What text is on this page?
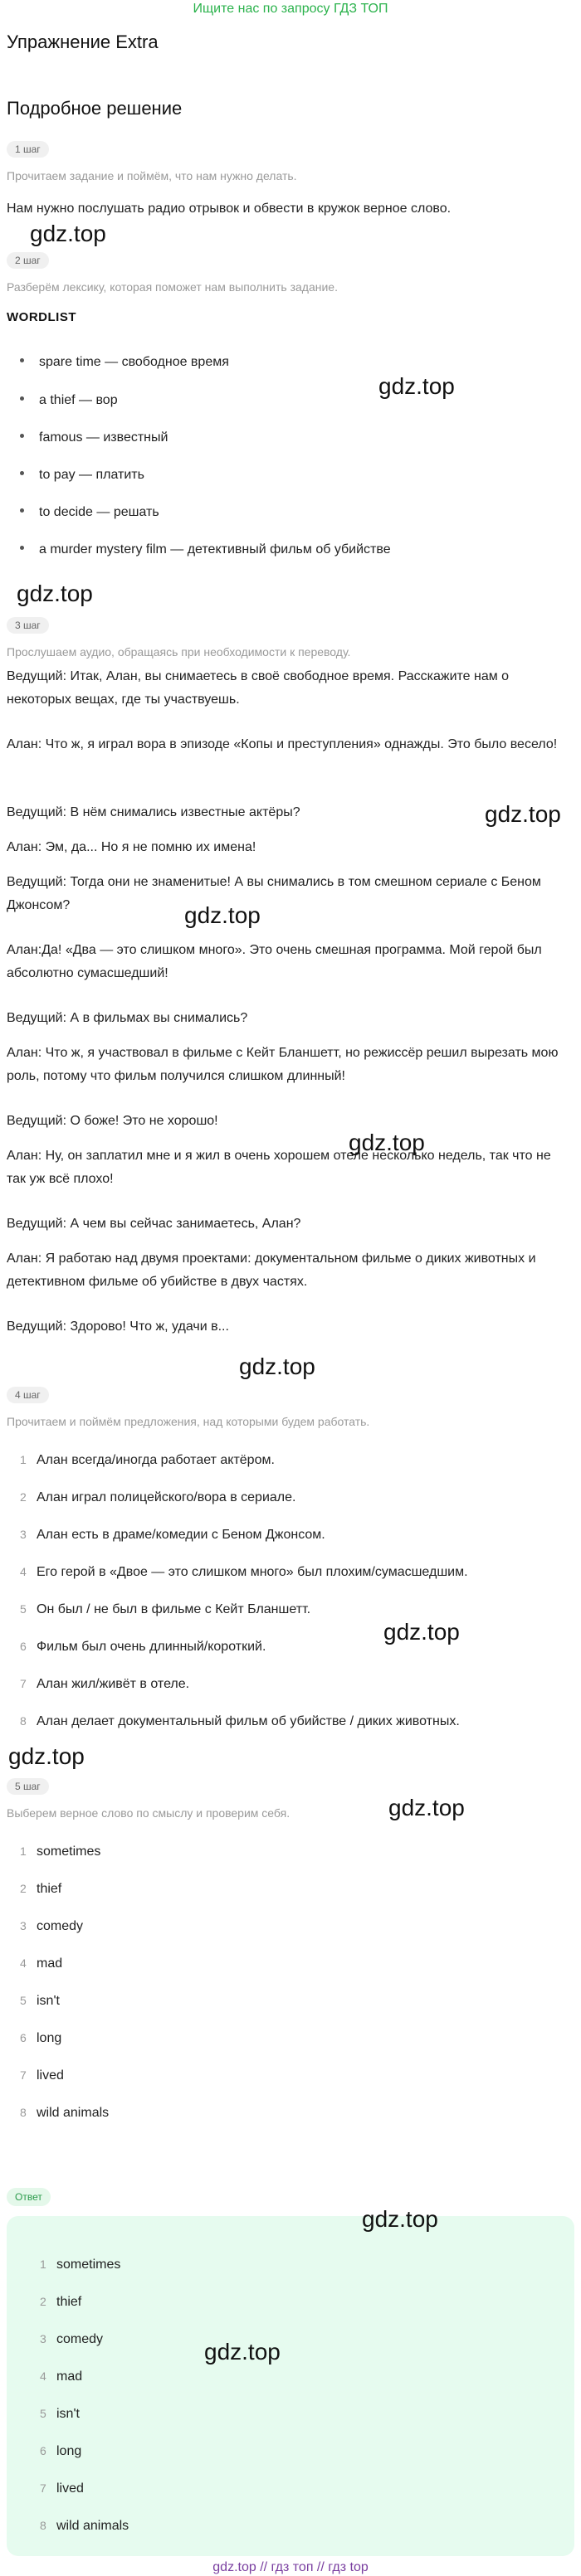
Ищите нас по запросу ГДЗ ТОП
Упражнение Extra
Подробное решение
1 шаг
Прочитаем задание и поймём, что нам нужно делать.
Нам нужно послушать радио отрывок и обвести в кружок верное слово.
gdz.top
2 шаг
Разберём лексику, которая поможет нам выполнить задание.
WORDLIST
spare time — свободное время
a thief — вор
famous — известный
to pay — платить
to decide — решать
a murder mystery film — детективный фильм об убийстве
gdz.top
gdz.top
3 шаг
Прослушаем аудио, обращаясь при необходимости к переводу.
Ведущий: Итак, Алан, вы снимаетесь в своё свободное время. Расскажите нам о некоторых вещах, где ты участвуешь.
Алан: Что ж, я играл вора в эпизоде «Копы и преступления» однажды. Это было весело!
Ведущий: В нём снимались известные актёры?
Алан: Эм, да... Но я не помню их имена!
Ведущий: Тогда они не знаменитые! А вы снимались в том смешном сериале с Беном Джонсом?
Алан:Да! «Два — это слишком много». Это очень смешная программа. Мой герой был абсолютно сумасшедший!
Ведущий: А в фильмах вы снимались?
Алан: Что ж, я участвовал в фильме с Кейт Бланшетт, но режиссёр решил вырезать мою роль, потому что фильм получился слишком длинный!
Ведущий: О боже! Это не хорошо!
Алан: Ну, он заплатил мне и я жил в очень хорошем отеле несколько недель, так что не так уж всё плохо!
Ведущий: А чем вы сейчас занимаетесь, Алан?
Алан: Я работаю над двумя проектами: документальном фильме о диких животных и детективном фильме об убийстве в двух частях.
Ведущий: Здорово! Что ж, удачи в...
gdz.top
gdz.top
gdz.top
gdz.top
4 шаг
Прочитаем и поймём предложения, над которыми будем работать.
1 Алан всегда/иногда работает актёром.
2 Алан играл полицейского/вора в сериале.
3 Алан есть в драме/комедии с Беном Джонсом.
4 Его герой в «Двое — это слишком много» был плохим/сумасшедшим.
5 Он был / не был в фильме с Кейт Бланшетт.
6 Фильм был очень длинный/короткий.
7 Алан жил/живёт в отеле.
8 Алан делает документальный фильм об убийстве / диких животных.
gdz.top
gdz.top
5 шаг
Выберем верное слово по смыслу и проверим себя.	gdz.top
1 sometimes
2 thief
3 comedy
4 mad
5 isn't
6 long
7 lived
8 wild animals
Ответ
gdz.top
1 sometimes
2 thief
3 comedy
4 mad
5 isn't
6 long
7 lived
8 wild animals
gdz.top
gdz.top // гдз топ // гдз top
